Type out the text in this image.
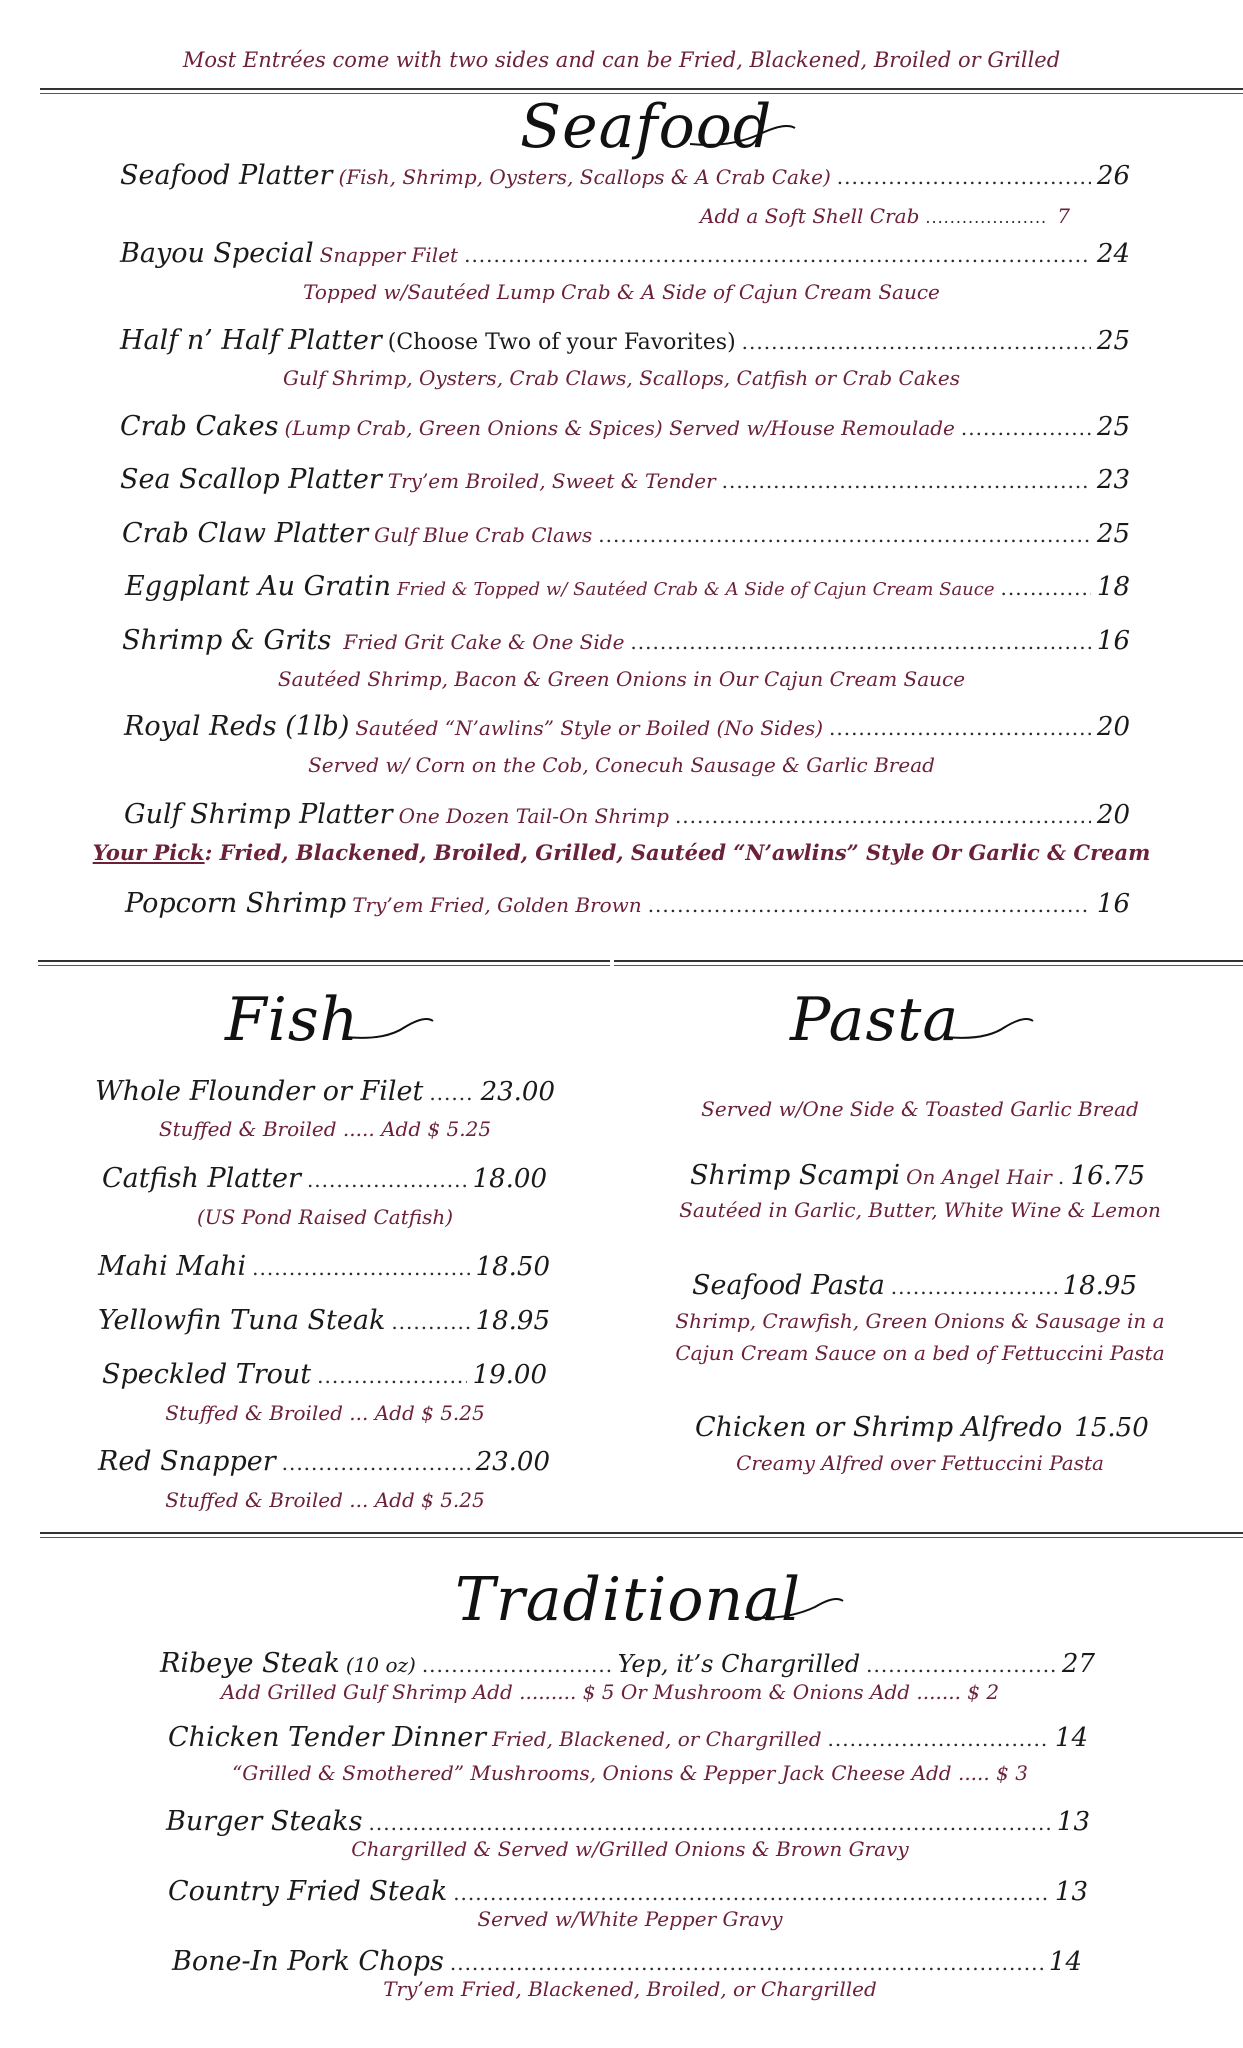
Most Entrées come with two sides and can be Fried, Blackened, Broiled or Grilled
Seafood
Seafood Platter (Fish, Shrimp, Oysters, Scallops & A Crab Cake) .....	26
Add a Soft Shell Crab .....	7
Bayou Special Snapper Filet .....	24
Topped w/Sautéed Lump Crab & A Side of Cajun Cream Sauce
Half n’ Half Platter (Choose Two of your Favorites) .....	25
Gulf Shrimp, Oysters, Crab Claws, Scallops, Catfish or Crab Cakes
Crab Cakes (Lump Crab, Green Onions & Spices) Served w/House Remoulade .....	25
Sea Scallop Platter Try’em Broiled, Sweet & Tender .....	23
Crab Claw Platter Gulf Blue Crab Claws .....	25
Eggplant Au Gratin Fried & Topped w/ Sautéed Crab & A Side of Cajun Cream Sauce .....	18
Shrimp & Grits Fried Grit Cake & One Side .....	16
Sautéed Shrimp, Bacon & Green Onions in Our Cajun Cream Sauce
Royal Reds (1lb) Sautéed “N’awlins” Style or Boiled (No Sides) .....	20
Served w/ Corn on the Cob, Conecuh Sausage & Garlic Bread
Gulf Shrimp Platter One Dozen Tail-On Shrimp .....	20
Your Pick: Fried, Blackened, Broiled, Grilled, Sautéed “N’awlins” Style Or Garlic & Cream
Popcorn Shrimp Try’em Fried, Golden Brown .....	16
Fish	Pasta
Whole Flounder or Filet ..... 23.00
Stuffed & Broiled ..... Add $ 5.25
Catfish Platter .....	18.00
(US Pond Raised Catfish)
Mahi Mahi .....	18.50
Yellowfin Tuna Steak .....	18.95
Speckled Trout .....	19.00
Stuffed & Broiled ... Add $ 5.25
Red Snapper .....	23.00
Stuffed & Broiled ... Add $ 5.25
Served w/One Side & Toasted Garlic Bread
Shrimp Scampi On Angel Hair ..... 16.75
Sautéed in Garlic, Butter, White Wine & Lemon
Seafood Pasta .....	18.95
Shrimp, Crawfish, Green Onions & Sausage in a
Cajun Cream Sauce on a bed of Fettuccini Pasta
Chicken or Shrimp Alfredo 15.50
Creamy Alfred over Fettuccini Pasta
Traditional
Ribeye Steak (10 oz) .....	Yep, it’s Chargrilled .....	27
Add Grilled Gulf Shrimp Add ......... $ 5 Or Mushroom & Onions Add ....... $ 2
Chicken Tender Dinner Fried, Blackened, or Chargrilled .....	14
“Grilled & Smothered” Mushrooms, Onions & Pepper Jack Cheese Add ..... $ 3
Burger Steaks .....	13
Chargrilled & Served w/Grilled Onions & Brown Gravy
Country Fried Steak .....	13
Served w/White Pepper Gravy
Bone-In Pork Chops .....	14
Try’em Fried, Blackened, Broiled, or Chargrilled
